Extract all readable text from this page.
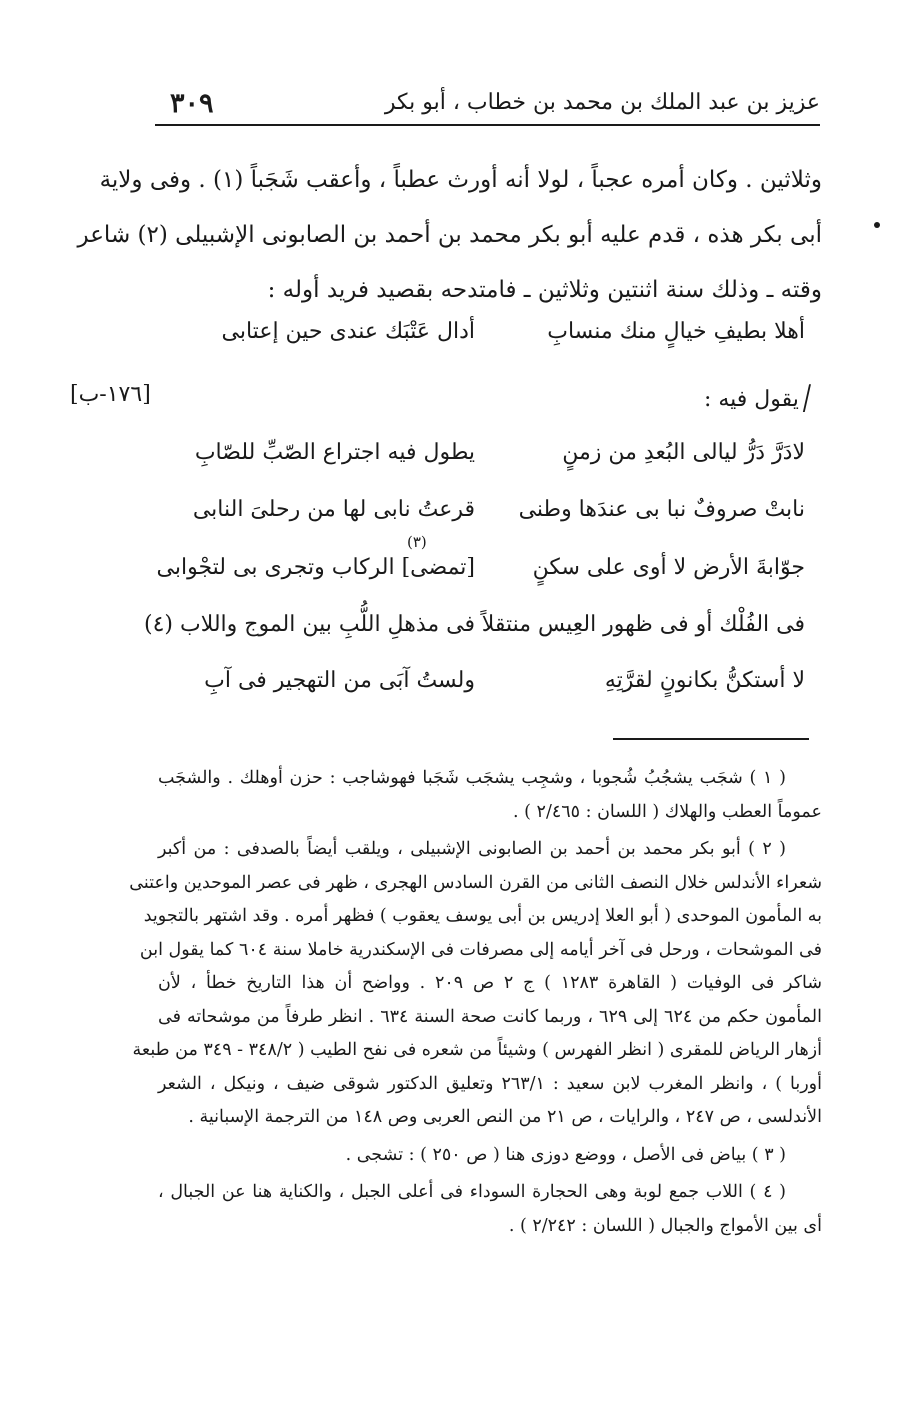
٣٠٩	عزيز بن عبد الملك بن محمد بن خطاب ، أبو بكر
وثلاثين . وكان أمره عجباً ، لولا أنه أورث عطباً ، وأعقب شَجَباً (١) . وفى ولاية
أبى بكر هذه ، قدم عليه أبو بكر محمد بن أحمد بن الصابونى الإشبيلى (٢) شاعر
وقته ـ وذلك سنة اثنتين وثلاثين ـ فامتدحه بقصيد فريد أوله :
أهلا بطيفِ خيالٍ منك منسابِ
أدال عَتْبَك عندى حين إعتابى
/يقول فيه :
[١٧٦-ب]
لادَرَّ دَرُّ ليالى البُعدِ من زمنٍ
يطول فيه اجتراع الصّبِّ للصّابِ
نابتْ صروفٌ نبا بى عندَها وطنى
قرعتُ نابى لها من رحلىَ النابى
(٣)
جوّابةَ الأرض لا أوى على سكنٍ
[تمضى] الركاب وتجرى بى لتجْوابى
فى الفُلْك أو فى ظهور العِيس منتقلاً
فى مذهلِ اللُّبِ بين الموج واللاب (٤)
لا أستكنُّ بكانونٍ لقرَّتِهِ
ولستُ آبَى من التهجير فى آبِ
( ١ ) شجَب يشجُبُ شُجوبا ، وشجِب يشجَب شَجَبا فهوشاجب : حزن أوهلك . والشجَب
عموماً العطب والهلاك ( اللسان : ٢/٤٦٥ ) .
( ٢ ) أبو بكر محمد بن أحمد بن الصابونى الإشبيلى ، ويلقب أيضاً بالصدفى : من أكبر
شعراء الأندلس خلال النصف الثانى من القرن السادس الهجرى ، ظهر فى عصر الموحدين واعتنى
به المأمون الموحدى ( أبو العلا إدريس بن أبى يوسف يعقوب ) فظهر أمره . وقد اشتهر بالتجويد
فى الموشحات ، ورحل فى آخر أيامه إلى مصرفات فى الإسكندرية خاملا سنة ٦٠٤ كما يقول ابن
شاكر فى الوفيات ( القاهرة ١٢٨٣ ) ج ٢ ص ٢٠٩ . وواضح أن هذا التاريخ خطأ ، لأن
المأمون حكم من ٦٢٤ إلى ٦٢٩ ، وربما كانت صحة السنة ٦٣٤ . انظر طرفاً من موشحاته فى
أزهار الرياض للمقرى ( انظر الفهرس ) وشيئاً من شعره فى نفح الطيب ( ٣٤٨/٢ - ٣٤٩ من طبعة
أوربا ) ، وانظر المغرب لابن سعيد : ٢٦٣/١ وتعليق الدكتور شوقى ضيف ، ونيكل ، الشعر
الأندلسى ، ص ٢٤٧ ، والرايات ، ص ٢١ من النص العربى وص ١٤٨ من الترجمة الإسبانية .
( ٣ ) بياض فى الأصل ، ووضع دوزى هنا ( ص ٢٥٠ ) : تشجى .
( ٤ ) اللاب جمع لوبة وهى الحجارة السوداء فى أعلى الجبل ، والكناية هنا عن الجبال ،
أى بين الأمواج والجبال ( اللسان : ٢/٢٤٢ ) .
